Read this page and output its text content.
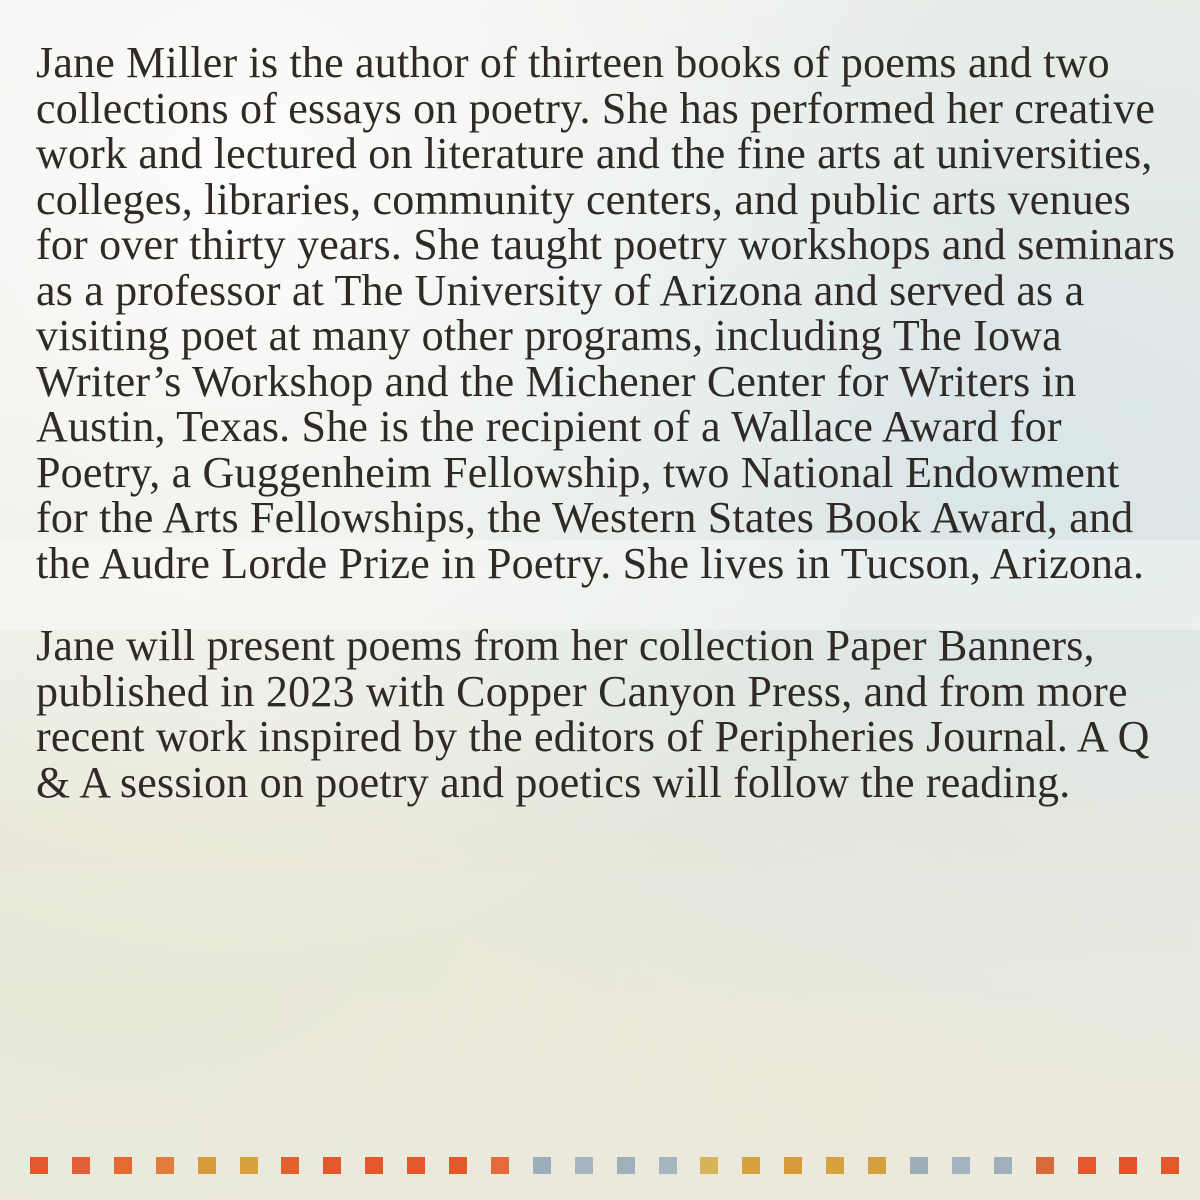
Jane Miller is the author of thirteen books of poems and two collections of essays on poetry. She has performed her creative work and lectured on literature and the fine arts at universities, colleges, libraries, community centers, and public arts venues for over thirty years. She taught poetry workshops and seminars as a professor at The University of Arizona and served as a visiting poet at many other programs, including The Iowa Writer’s Workshop and the Michener Center for Writers in Austin, Texas. She is the recipient of a Wallace Award for Poetry, a Guggenheim Fellowship, two National Endowment for the Arts Fellowships, the Western States Book Award, and the Audre Lorde Prize in Poetry. She lives in Tucson, Arizona.

Jane will present poems from her collection Paper Banners, published in 2023 with Copper Canyon Press, and from more recent work inspired by the editors of Peripheries Journal. A Q & A session on poetry and poetics will follow the reading.
